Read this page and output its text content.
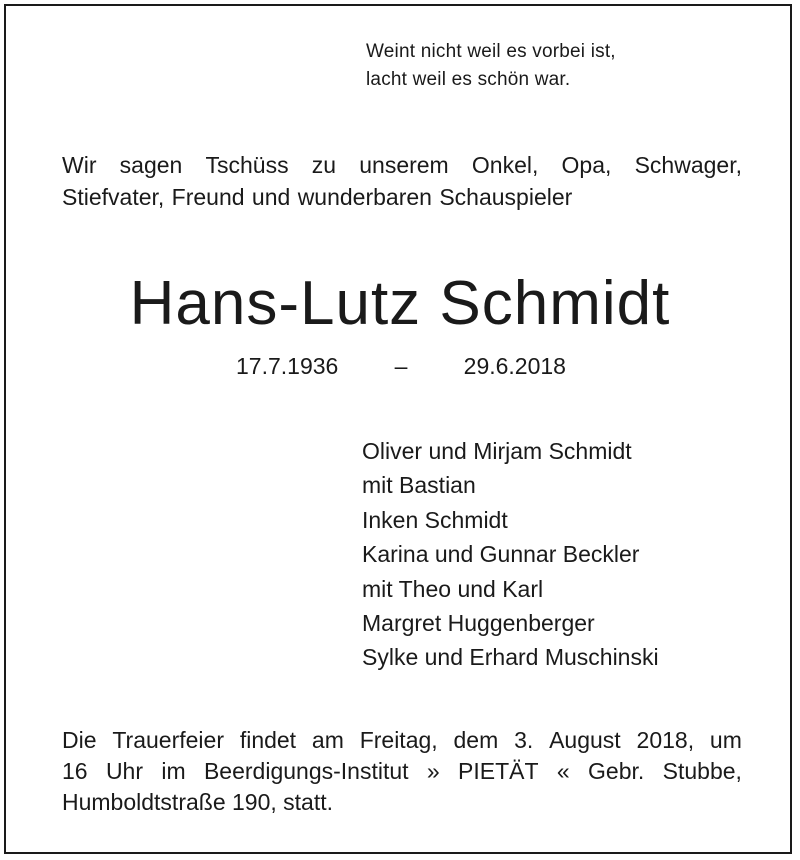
Weint nicht weil es vorbei ist,
lacht weil es schön war.
Wir sagen Tschüss zu unserem Onkel, Opa, Schwager,
Stiefvater, Freund und wunderbaren Schauspieler
Hans-Lutz Schmidt
17.7.1936 – 29.6.2018
Oliver und Mirjam Schmidt
mit Bastian
Inken Schmidt
Karina und Gunnar Beckler
mit Theo und Karl
Margret Huggenberger
Sylke und Erhard Muschinski
Die Trauerfeier findet am Freitag, dem 3. August 2018, um
16 Uhr im Beerdigungs-Institut » PIETÄT « Gebr. Stubbe,
Humboldtstraße 190, statt.
